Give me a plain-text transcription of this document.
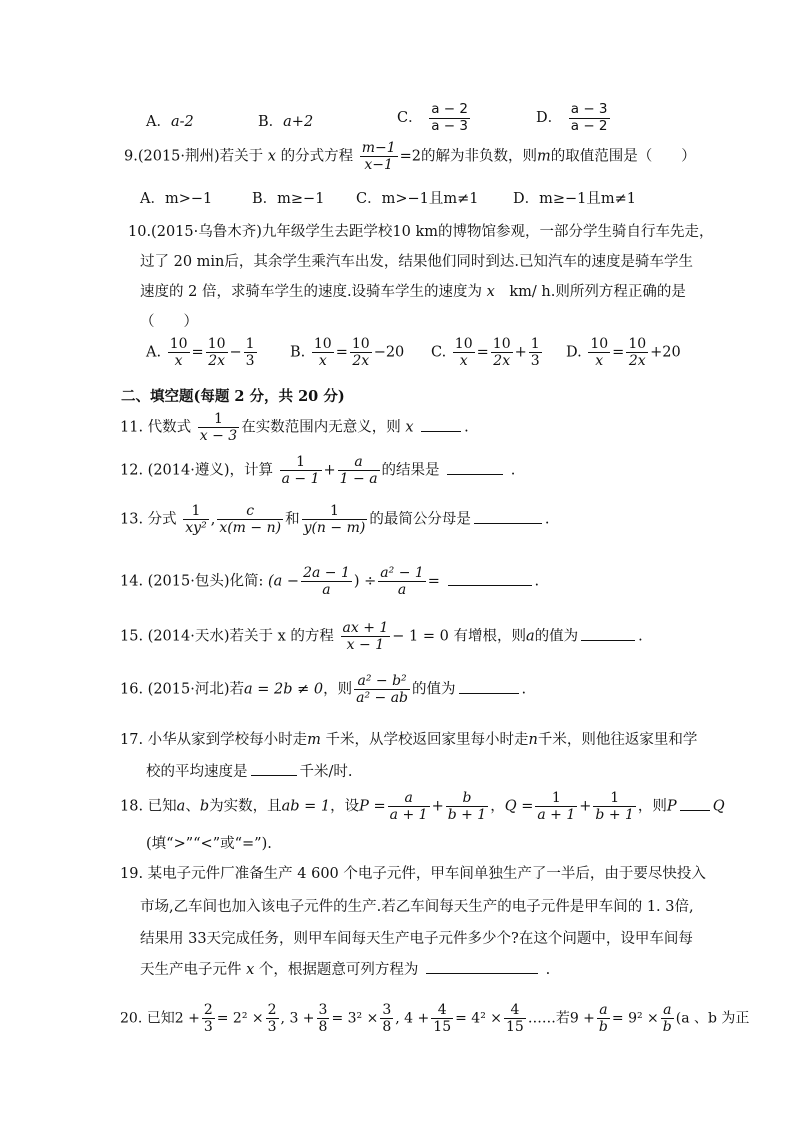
A．a-2	B．a+2	C． $\frac{a - 2}{a - 3}$	D． $\frac{a - 3}{a - 2}$
9.(2015·荆州)若关于 x 的分式方程 $\frac{m-1}{x-1} =2$的解为非负数，则m的取值范围是（　　）
A．m>−1	B．m≥−1 C．m>−1且m≠1 D．m≥−1且m≠1
10.(2015·乌鲁木齐)九年级学生去距学校10 km的博物馆参观，一部分学生骑自行车先走，
过了 20 min后，其余学生乘汽车出发，结果他们同时到达.已知汽车的速度是骑车学生
速度的 2 倍，求骑车学生的速度.设骑车学生的速度为 x　 km/ h.则所列方程正确的是
（　　）
A. $\frac{10}{x} = \frac{10}{2x} - \frac{1}{3} B$. $\frac{10}{x} = \frac{10}{2x} -20$ C. $\frac{10}{x} = \frac{10}{2x} + \frac{1}{3} D$. $\frac{10}{x} = \frac{10}{2x} +20$
二、填空题(每题 2 分，共 20 分)
11. 代数式 $\frac{1}{x - 3}$ 在实数范围内无意义，则 x	.
12. (2014·遵义)，计算 $\frac{1}{a - 1} + \frac{a}{1 - a}$ 的结果是	.
13. 分式 $\frac{1}{\text{xy²}}$ , $\frac{c}{x(m - n)}$ 和 $\frac{1}{y(n - m)}$ 的最简公分母是	.
14. (2015·包头)化简: ($a - \frac{2a - 1}{a}$ ) ÷ $\frac{\text{a² − 1}}{a}$ =	.
15. (2014·天水)若关于 x 的方程 $\frac{ax + 1}{x - 1} - 1 = 0$ 有增根，则a的值为	.
16. (2015·河北)若a = 2b ≠ 0，则 $\frac{\text{a² − b²}}{\text{a² − ab}}$ 的值为	.
17. 小华从家到学校每小时走m 千米，从学校返回家里每小时走n千米，则他往返家里和学
校的平均速度是	千米/时.
18. 已知a、b为实数，且ab = 1，设$P = \frac{a}{a + 1} + \frac{b}{b + 1}$ ，$Q = \frac{1}{a + 1} + \frac{1}{b + 1}$ ，则P Q
(填“>”“<”或“=”).
19. 某电子元件厂准备生产 4 600 个电子元件，甲车间单独生产了一半后，由于要尽快投入
市场,乙车间也加入该电子元件的生产.若乙车间每天生产的电子元件是甲车间的 1. 3倍,
结果用 33天完成任务，则甲车间每天生产电子元件多少个?在这个问题中，设甲车间每
天生产电子元件 x 个，根据题意可列方程为	.
20. 已知$2 + \frac{2}{3} = 2^2 \times \frac{2}{3}$ , $3 + \frac{3}{8} = 3^2 \times \frac{3}{8}$ , $4 + \frac{4}{15} = 4^2 \times \frac{4}{15}$ ……若$9 + \frac{a}{b} = 9^2 \times \frac{a}{b} (a$ 、b 为正
